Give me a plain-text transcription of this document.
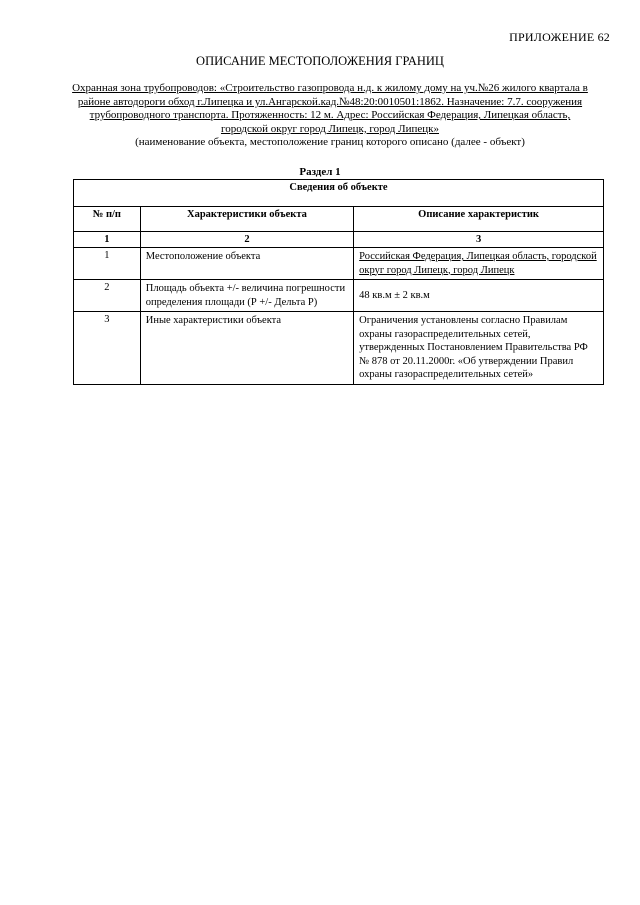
ПРИЛОЖЕНИЕ 62
ОПИСАНИЕ МЕСТОПОЛОЖЕНИЯ ГРАНИЦ
Охранная зона трубопроводов: «Строительство газопровода н.д. к жилому дому на уч.№26 жилого квартала в районе автодороги обход г.Липецка и ул.Ангарской.кад.№48:20:0010501:1862. Назначение: 7.7. сооружения трубопроводного транспорта. Протяженность: 12 м. Адрес: Российская Федерация, Липецкая область, городской округ город Липецк, город Липецк»
(наименование объекта, местоположение границ которого описано (далее - объект)
Раздел 1
Сведения об объекте		
№ п/п	Характеристики объекта	Описание характеристик
1	2	3
1	Местоположение объекта	Российская Федерация, Липецкая область, городской округ город Липецк, город Липецк
2	Площадь объекта +/- величина погрешности определения площади (Р +/- Дельта Р)	48 кв.м ± 2 кв.м
3	Иные характеристики объекта	Ограничения установлены согласно Правилам охраны газораспределительных сетей, утвержденных Постановлением Правительства РФ № 878 от 20.11.2000г. «Об утверждении Правил охраны газораспределительных сетей»
